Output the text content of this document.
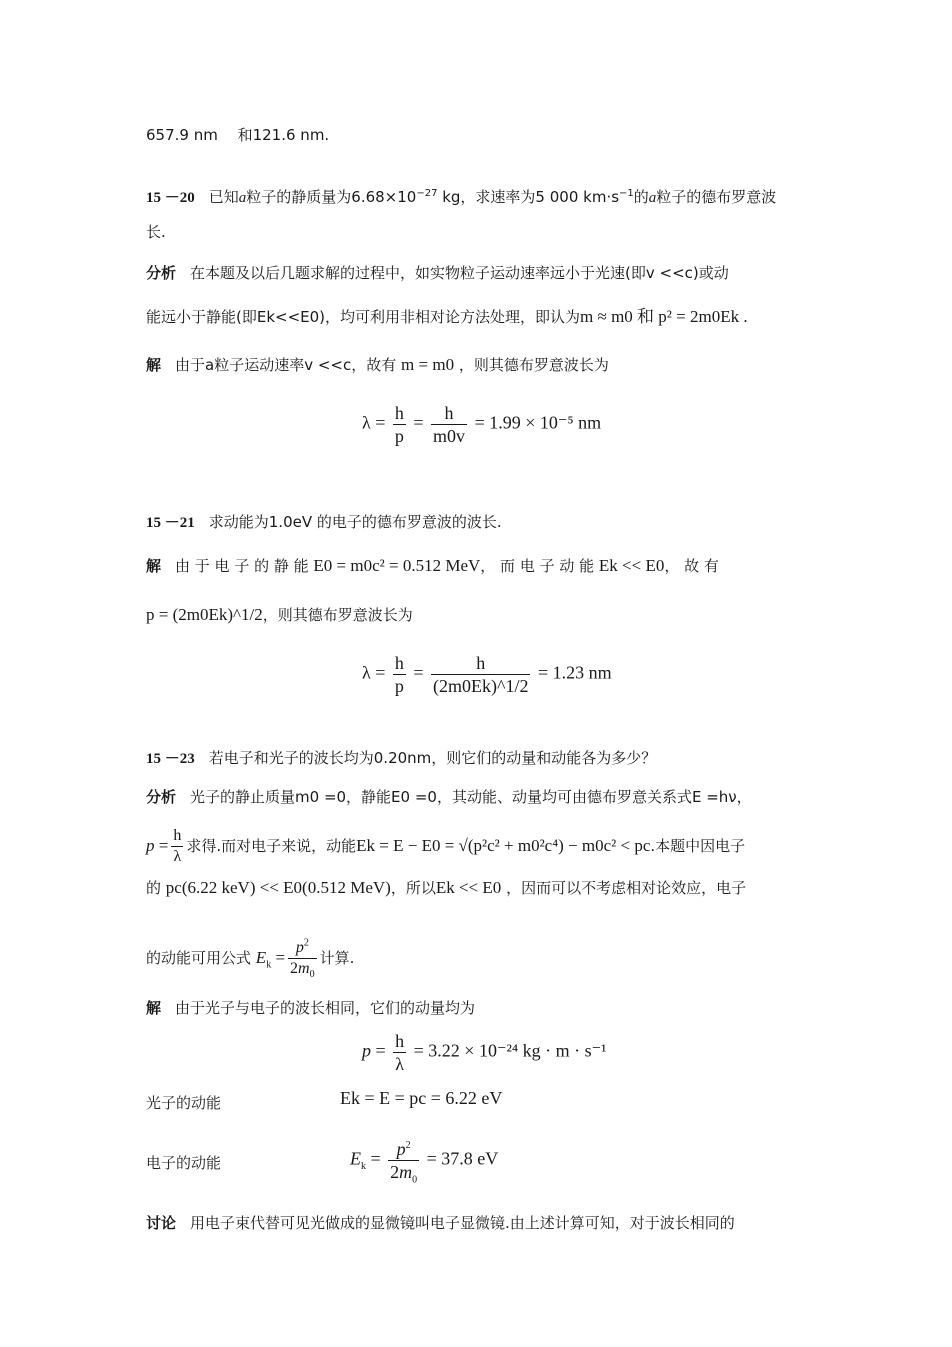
657.9 nm　 和121.6 nm.
15 －20 已知a粒子的静质量为$6.68\times 10^{-27}$ kg，求速率为5 000 $km\cdot s^{-1}$的a粒子的德布罗意波
长.
分析 在本题及以后几题求解的过程中，如实物粒子运动速率远小于光速(即v <<c)或动
能远小于静能(即Ek<<E0)，均可利用非相对论方法处理，即认为m ≈ m0 和 p² = 2m0Ek .
解 由于a粒子运动速率v <<c，故有 m = m0 ，则其德布罗意波长为
$\lambda = \frac{h}{p} = \frac{h}{m0v} = 1.99 \times 10^{-5}$ nm
15 －21 求动能为1.0eV 的电子的德布罗意波的波长.
解 由 于 电 子 的 静 能 E0 = m0c² = 0.512 MeV， 而 电 子 动 能 Ek << E0， 故 有
p = (2m0Ek)^1/2，则其德布罗意波长为
$\lambda = \frac{h}{p} = \frac{h}{(2m0Ek)\^{}1/2} = 1.23$ nm
15 －23 若电子和光子的波长均为0.20nm，则它们的动量和动能各为多少？
分析 光子的静止质量m0 =0，静能E0 =0，其动能、动量均可由德布罗意关系式E =hν，
$p = \frac{h}{\lambda}$ 求得.而对电子来说，动能Ek = E − E0 = √(p²c² + m0²c⁴) − m0c² < pc.本题中因电子
的 pc(6.22 keV) << E0(0.512 MeV)，所以Ek << E0 ，因而可以不考虑相对论效应，电子
的动能可用公式 $E_k = \frac{p^2}{2m_0}$ 计算.
解 由于光子与电子的波长相同，它们的动量均为
$p = \frac{h}{\lambda} = 3.22 \times 10^{-24}$ kg · m · s⁻¹
光子的动能	Ek = E = pc = 6.22 eV
电子的动能	$E_k = \frac{p^2}{2m_0} = 37.8$ eV
讨论 用电子束代替可见光做成的显微镜叫电子显微镜.由上述计算可知，对于波长相同的
